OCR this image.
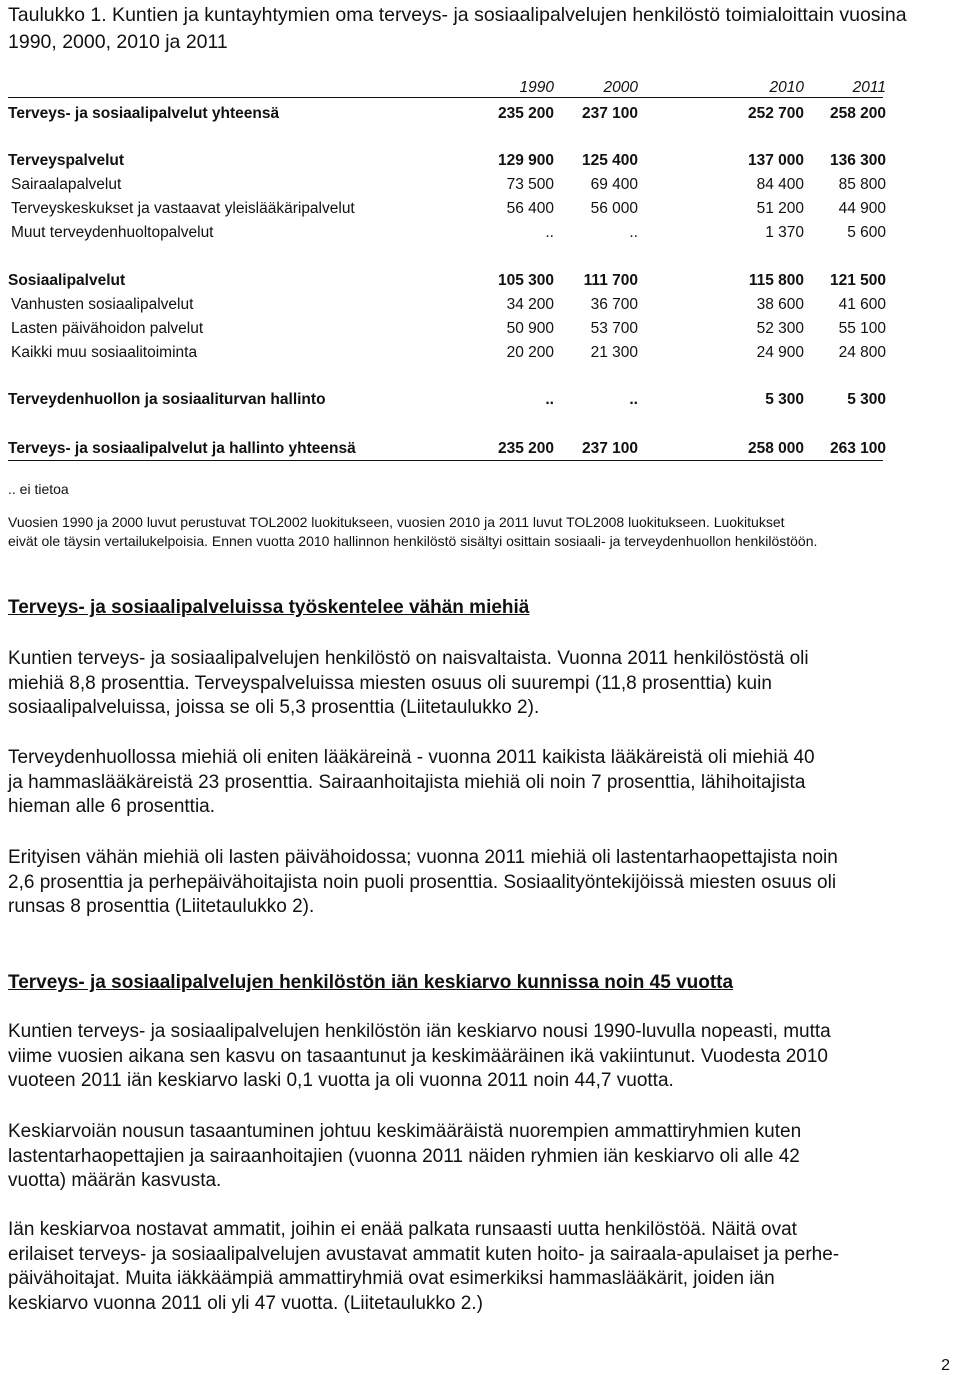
Taulukko 1. Kuntien ja kuntayhtymien oma terveys- ja sosiaalipalvelujen henkilöstö toimialoittain vuosina 1990, 2000, 2010 ja 2011
1990	2000	2010	2011
Terveys- ja sosiaalipalvelut yhteensä	235 200	237 100	252 700	258 200
Terveyspalvelut	129 900	125 400	137 000	136 300
Sairaalapalvelut	73 500	69 400	84 400	85 800
Terveyskeskukset ja vastaavat yleislääkäripalvelut	56 400	56 000	51 200	44 900
Muut terveydenhuoltopalvelut	..	..	1 370	5 600
Sosiaalipalvelut	105 300	111 700	115 800	121 500
Vanhusten sosiaalipalvelut	34 200	36 700	38 600	41 600
Lasten päivähoidon palvelut	50 900	53 700	52 300	55 100
Kaikki muu sosiaalitoiminta	20 200	21 300	24 900	24 800
Terveydenhuollon ja sosiaaliturvan hallinto	..	..	5 300	5 300
Terveys- ja sosiaalipalvelut ja hallinto yhteensä	235 200	237 100	258 000	263 100
.. ei tietoa
Vuosien 1990 ja 2000 luvut perustuvat TOL2002 luokitukseen, vuosien 2010 ja 2011 luvut TOL2008 luokitukseen. Luokitukset
eivät ole täysin vertailukelpoisia. Ennen vuotta 2010 hallinnon henkilöstö sisältyi osittain sosiaali- ja terveydenhuollon henkilöstöön.
Terveys- ja sosiaalipalveluissa työskentelee vähän miehiä
Kuntien terveys- ja sosiaalipalvelujen henkilöstö on naisvaltaista. Vuonna 2011 henkilöstöstä oli
miehiä 8,8 prosenttia. Terveyspalveluissa miesten osuus oli suurempi (11,8 prosenttia) kuin
sosiaalipalveluissa, joissa se oli 5,3 prosenttia (Liitetaulukko 2).
Terveydenhuollossa miehiä oli eniten lääkäreinä - vuonna 2011 kaikista lääkäreistä oli miehiä 40
ja hammaslääkäreistä 23 prosenttia. Sairaanhoitajista miehiä oli noin 7 prosenttia, lähihoitajista
hieman alle 6 prosenttia.
Erityisen vähän miehiä oli lasten päivähoidossa; vuonna 2011 miehiä oli lastentarhaopettajista noin
2,6 prosenttia ja perhepäivähoitajista noin puoli prosenttia. Sosiaalityöntekijöissä miesten osuus oli
runsas 8 prosenttia (Liitetaulukko 2).
Terveys- ja sosiaalipalvelujen henkilöstön iän keskiarvo kunnissa noin 45 vuotta
Kuntien terveys- ja sosiaalipalvelujen henkilöstön iän keskiarvo nousi 1990-luvulla nopeasti, mutta
viime vuosien aikana sen kasvu on tasaantunut ja keskimääräinen ikä vakiintunut. Vuodesta 2010
vuoteen 2011 iän keskiarvo laski 0,1 vuotta ja oli vuonna 2011 noin 44,7 vuotta.
Keskiarvoiän nousun tasaantuminen johtuu keskimääräistä nuorempien ammattiryhmien kuten
lastentarhaopettajien ja sairaanhoitajien (vuonna 2011 näiden ryhmien iän keskiarvo oli alle 42
vuotta) määrän kasvusta.
Iän keskiarvoa nostavat ammatit, joihin ei enää palkata runsaasti uutta henkilöstöä. Näitä ovat
erilaiset terveys- ja sosiaalipalvelujen avustavat ammatit kuten hoito- ja sairaala-apulaiset ja perhe-
päivähoitajat. Muita iäkkäämpiä ammattiryhmiä ovat esimerkiksi hammaslääkärit, joiden iän
keskiarvo vuonna 2011 oli yli 47 vuotta. (Liitetaulukko 2.)
2
